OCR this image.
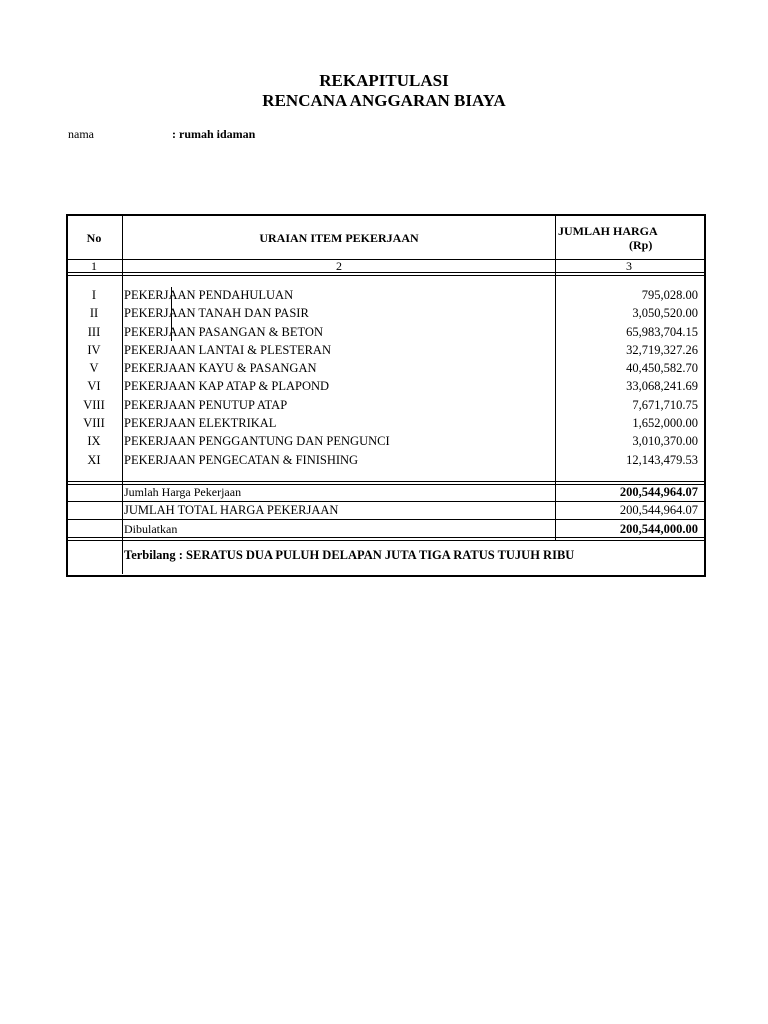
REKAPITULASI
RENCANA ANGGARAN BIAYA
nama	: rumah idaman
No	URAIAN ITEM PEKERJAAN	JUMLAH HARGA
(Rp)
1	2	3
I	PEKERJAAN PENDAHULUAN	795,028.00
II	PEKERJAAN TANAH DAN PASIR	3,050,520.00
III	PEKERJAAN PASANGAN & BETON	65,983,704.15
IV	PEKERJAAN LANTAI & PLESTERAN	32,719,327.26
V	PEKERJAAN KAYU & PASANGAN	40,450,582.70
VI	PEKERJAAN KAP ATAP & PLAPOND	33,068,241.69
VIII	PEKERJAAN PENUTUP ATAP	7,671,710.75
VIII	PEKERJAAN ELEKTRIKAL	1,652,000.00
IX	PEKERJAAN PENGGANTUNG DAN PENGUNCI	3,010,370.00
XI	PEKERJAAN PENGECATAN & FINISHING	12,143,479.53
Jumlah Harga Pekerjaan	200,544,964.07
JUMLAH TOTAL HARGA PEKERJAAN	200,544,964.07
Dibulatkan	200,544,000.00
Terbilang : SERATUS DUA PULUH DELAPAN JUTA TIGA RATUS TUJUH RIBU
